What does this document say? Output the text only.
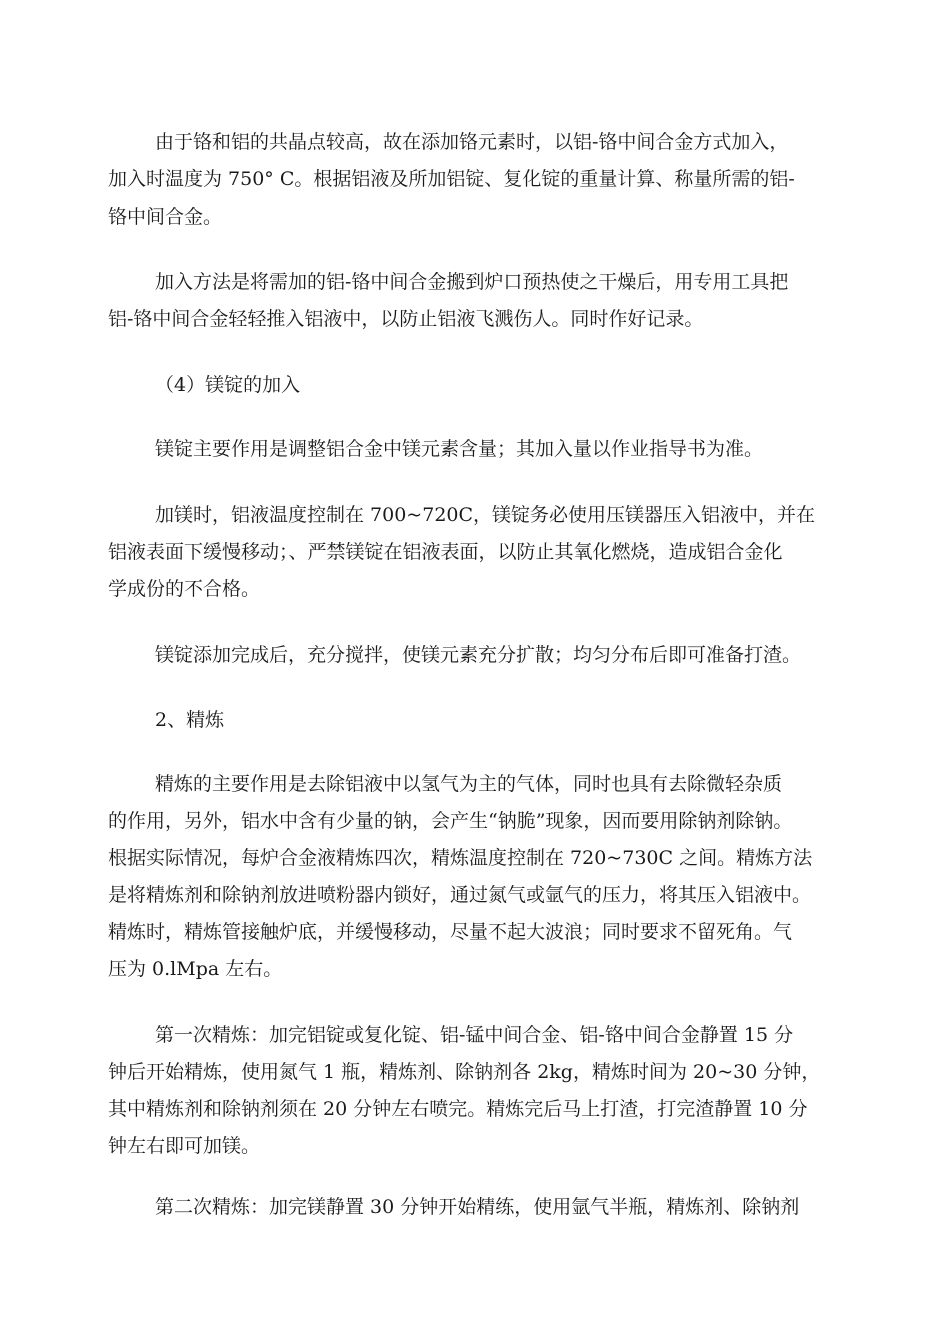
由于铬和铝的共晶点较高，故在添加铬元素时，以铝-铬中间合金方式加入，
加入时温度为 750° C。根据铝液及所加铝锭、复化锭的重量计算、称量所需的铝-
铬中间合金。
加入方法是将需加的铝-铬中间合金搬到炉口预热使之干燥后，用专用工具把
铝-铬中间合金轻轻推入铝液中，以防止铝液飞溅伤人。同时作好记录。
（4）镁锭的加入
镁锭主要作用是调整铝合金中镁元素含量；其加入量以作业指导书为准。
加镁时，铝液温度控制在 700~720C，镁锭务必使用压镁器压入铝液中，并在
铝液表面下缓慢移动；、严禁镁锭在铝液表面，以防止其氧化燃烧，造成铝合金化
学成份的不合格。
镁锭添加完成后，充分搅拌，使镁元素充分扩散；均匀分布后即可准备打渣。
2、精炼
精炼的主要作用是去除铝液中以氢气为主的气体，同时也具有去除微轻杂质
的作用，另外，铝水中含有少量的钠，会产生“钠脆”现象，因而要用除钠剂除钠。
根据实际情况，每炉合金液精炼四次，精炼温度控制在 720~730C 之间。精炼方法
是将精炼剂和除钠剂放进喷粉器内锁好，通过氮气或氩气的压力，将其压入铝液中。
精炼时，精炼管接触炉底，并缓慢移动，尽量不起大波浪；同时要求不留死角。气
压为 0.lMpa 左右。
第一次精炼：加完铝锭或复化锭、铝-锰中间合金、铝-铬中间合金静置 15 分
钟后开始精炼，使用氮气 1 瓶，精炼剂、除钠剂各 2kg，精炼时间为 20~30 分钟，
其中精炼剂和除钠剂须在 20 分钟左右喷完。精炼完后马上打渣，打完渣静置 10 分
钟左右即可加镁。
第二次精炼：加完镁静置 30 分钟开始精练，使用氩气半瓶，精炼剂、除钠剂
